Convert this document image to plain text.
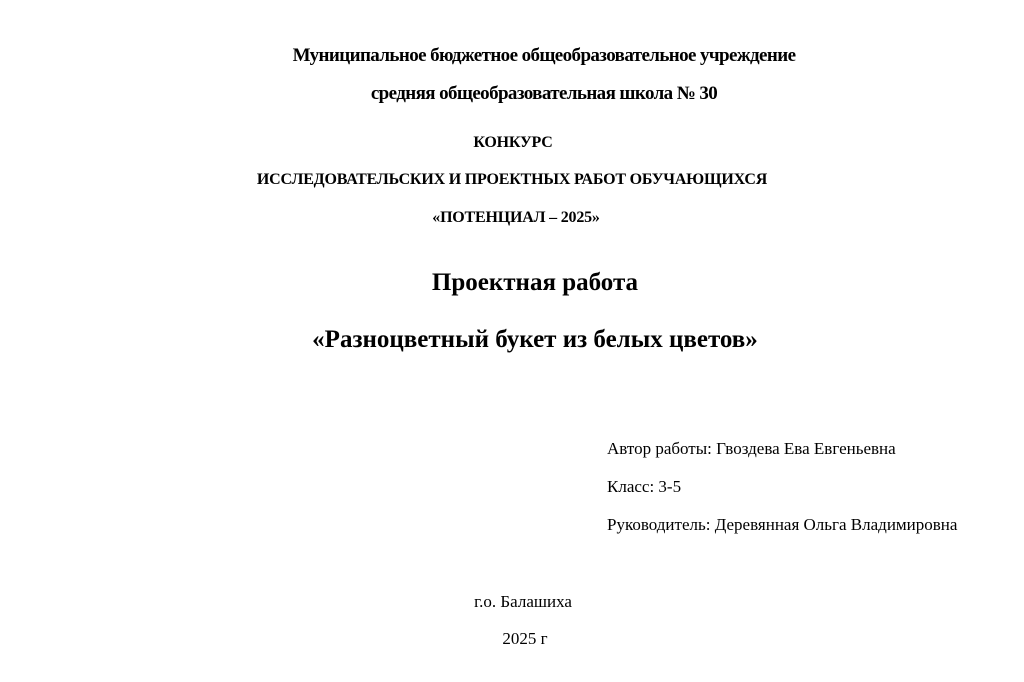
Муниципальное бюджетное общеобразовательное учреждение
средняя общеобразовательная школа № 30
КОНКУРС
ИССЛЕДОВАТЕЛЬСКИХ И ПРОЕКТНЫХ РАБОТ ОБУЧАЮЩИХСЯ
«ПОТЕНЦИАЛ – 2025»
Проектная работа
«Разноцветный букет из белых цветов»
Автор работы: Гвоздева Ева Евгеньевна
Класс: 3-5
Руководитель: Деревянная Ольга Владимировна
г.о. Балашиха
2025 г
